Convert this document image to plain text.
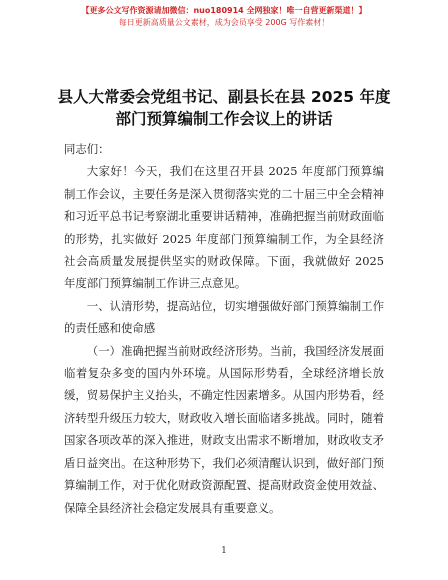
【更多公文写作资源请加微信：nuo180914 全网独家！唯一自营更新渠道！】
每日更新高质量公文素材，成为会员享受 200G 写作素材！
县人大常委会党组书记、副县长在县 2025 年度
部门预算编制工作会议上的讲话

同志们：

大家好！今天，我们在这里召开县 2025 年度部门预算编制工作会议，主要任务是深入贯彻落实党的二十届三中全会精神和习近平总书记考察湖北重要讲话精神，准确把握当前财政面临的形势，扎实做好 2025 年度部门预算编制工作，为全县经济社会高质量发展提供坚实的财政保障。下面，我就做好 2025 年度部门预算编制工作讲三点意见。

一、认清形势，提高站位，切实增强做好部门预算编制工作的责任感和使命感

（一）准确把握当前财政经济形势。当前，我国经济发展面临着复杂多变的国内外环境。从国际形势看，全球经济增长放缓，贸易保护主义抬头，不确定性因素增多。从国内形势看，经济转型升级压力较大，财政收入增长面临诸多挑战。同时，随着国家各项改革的深入推进，财政支出需求不断增加，财政收支矛盾日益突出。在这种形势下，我们必须清醒认识到，做好部门预算编制工作，对于优化财政资源配置、提高财政资金使用效益、保障全县经济社会稳定发展具有重要意义。

1
